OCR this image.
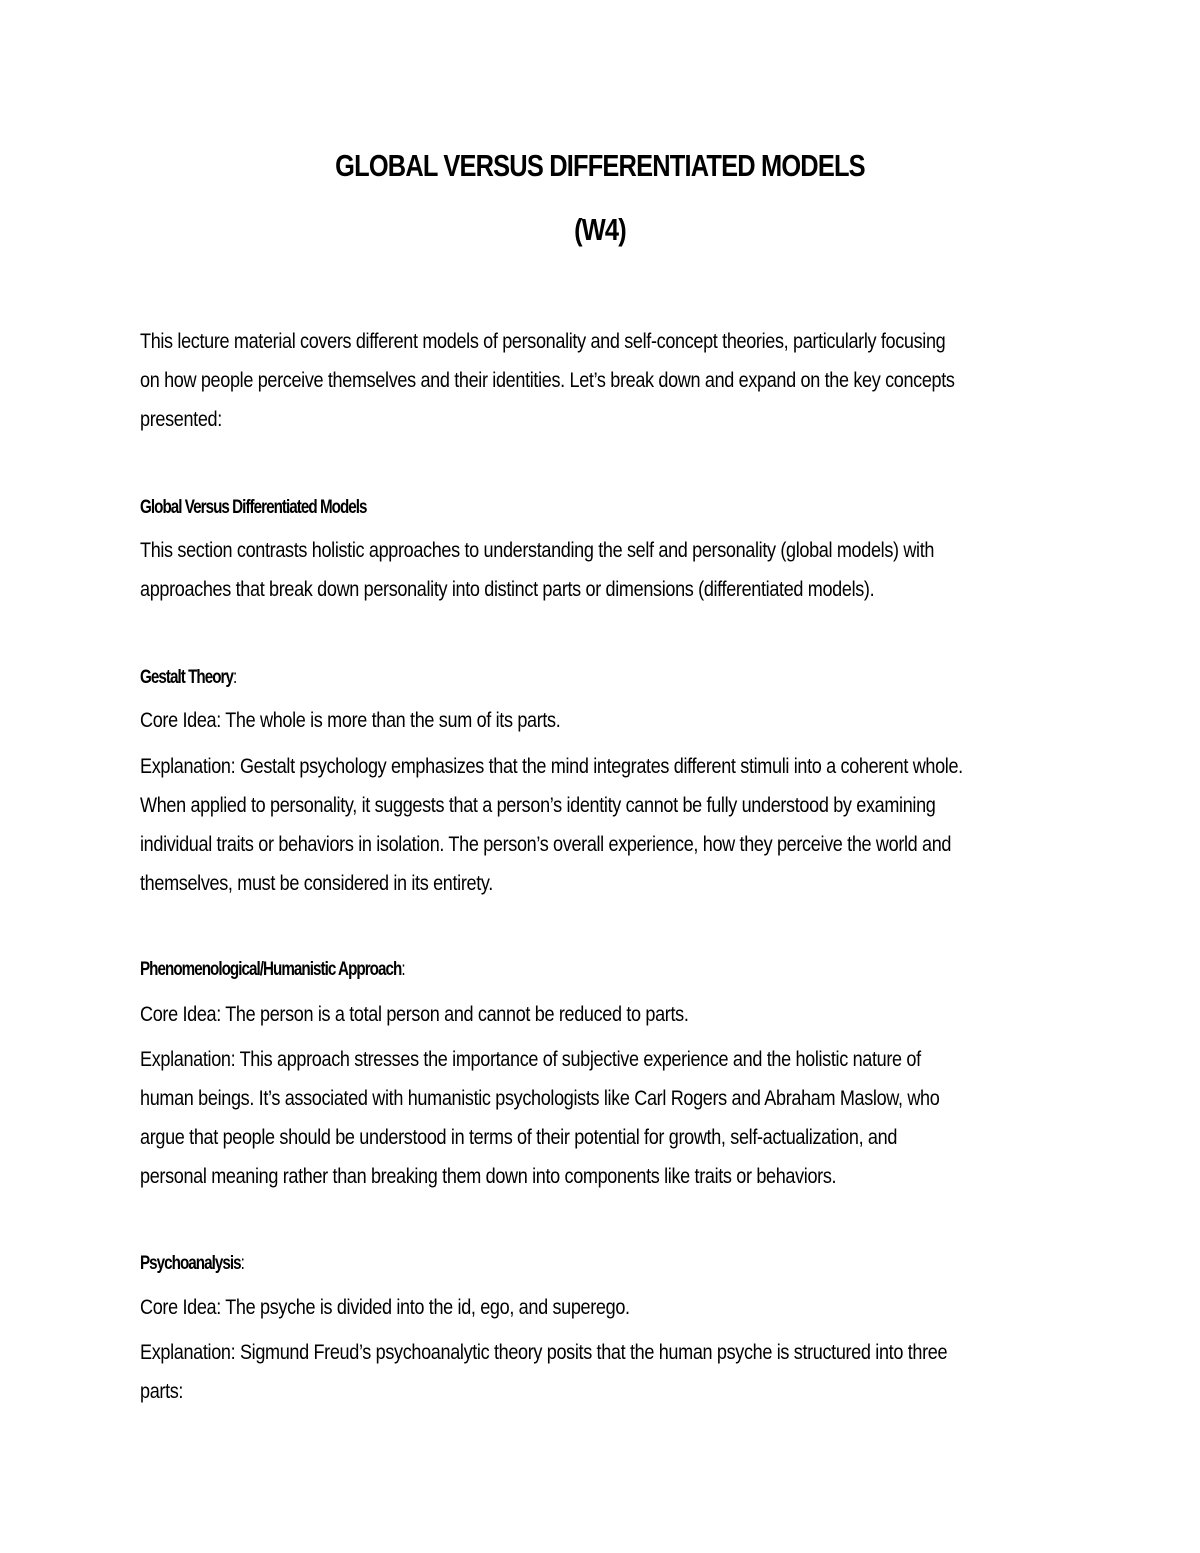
GLOBAL VERSUS DIFFERENTIATED MODELS
(W4)
This lecture material covers different models of personality and self-concept theories, particularly focusing
on how people perceive themselves and their identities. Let’s break down and expand on the key concepts
presented:
Global Versus Differentiated Models
This section contrasts holistic approaches to understanding the self and personality (global models) with
approaches that break down personality into distinct parts or dimensions (differentiated models).
Gestalt Theory:
Core Idea: The whole is more than the sum of its parts.
Explanation: Gestalt psychology emphasizes that the mind integrates different stimuli into a coherent whole.
When applied to personality, it suggests that a person’s identity cannot be fully understood by examining
individual traits or behaviors in isolation. The person’s overall experience, how they perceive the world and
themselves, must be considered in its entirety.
Phenomenological/Humanistic Approach:
Core Idea: The person is a total person and cannot be reduced to parts.
Explanation: This approach stresses the importance of subjective experience and the holistic nature of
human beings. It’s associated with humanistic psychologists like Carl Rogers and Abraham Maslow, who
argue that people should be understood in terms of their potential for growth, self-actualization, and
personal meaning rather than breaking them down into components like traits or behaviors.
Psychoanalysis:
Core Idea: The psyche is divided into the id, ego, and superego.
Explanation: Sigmund Freud’s psychoanalytic theory posits that the human psyche is structured into three
parts:
